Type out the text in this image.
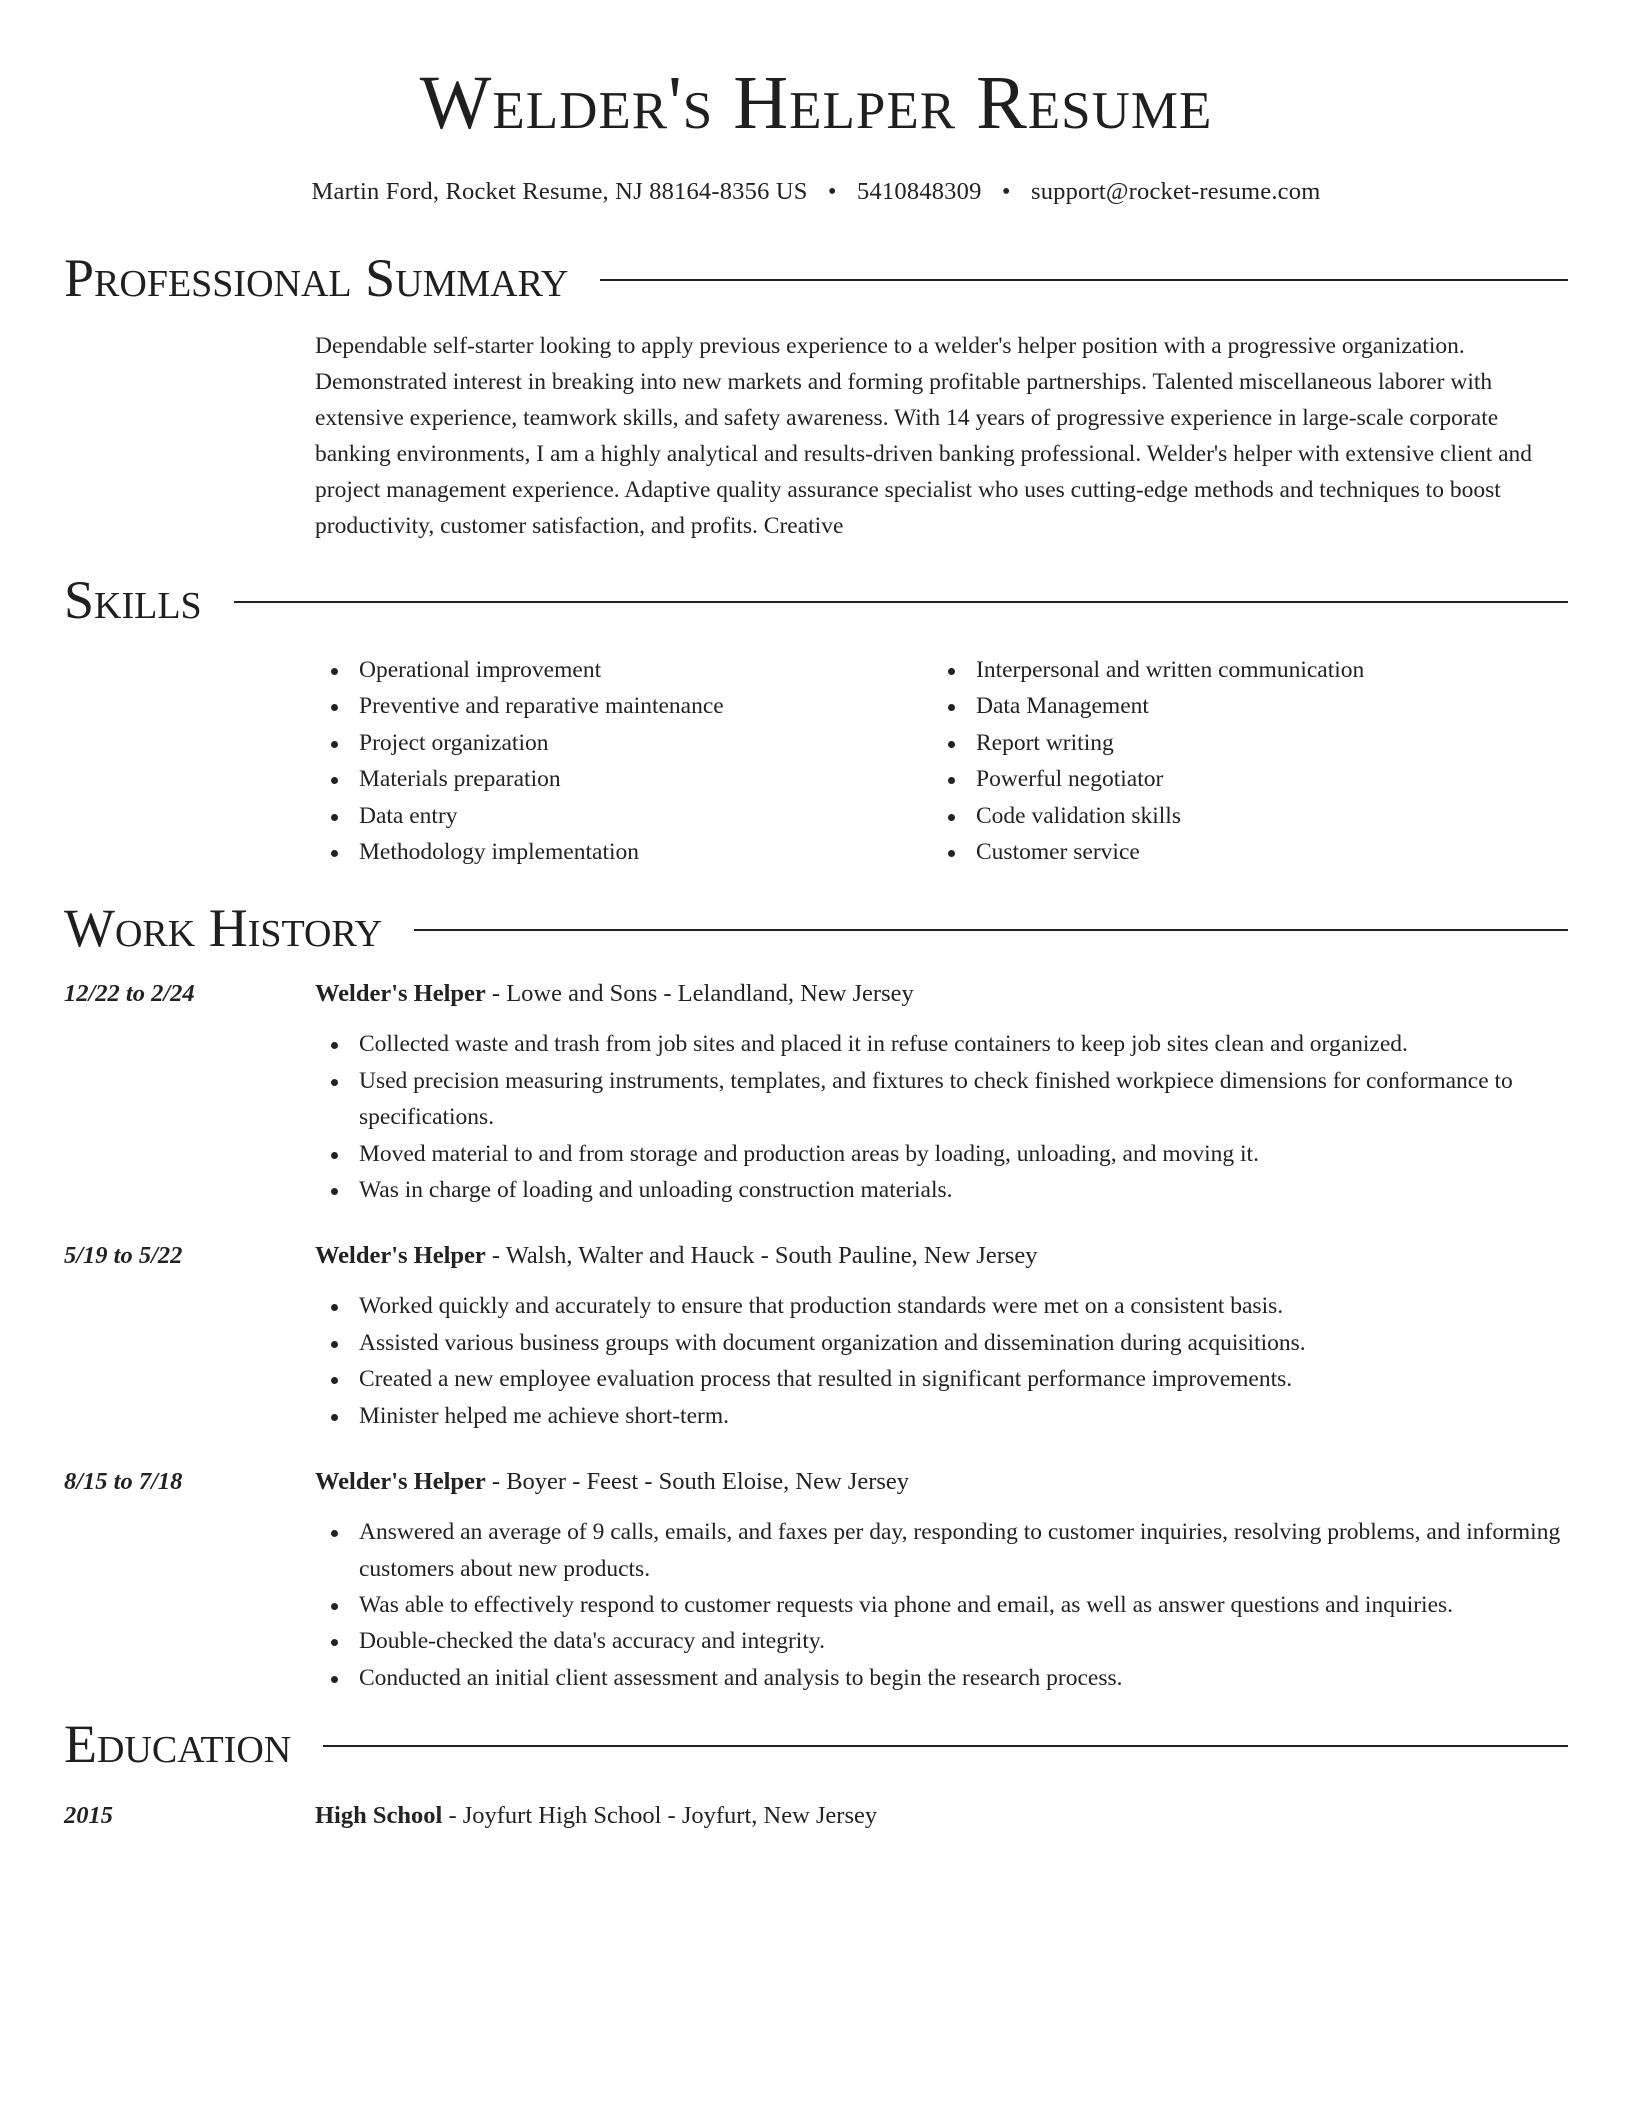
Welder's Helper Resume
Martin Ford, Rocket Resume, NJ 88164-8356 US • 5410848309 • support@rocket-resume.com
Professional Summary
Dependable self-starter looking to apply previous experience to a welder's helper position with a progressive organization. Demonstrated interest in breaking into new markets and forming profitable partnerships. Talented miscellaneous laborer with extensive experience, teamwork skills, and safety awareness. With 14 years of progressive experience in large-scale corporate banking environments, I am a highly analytical and results-driven banking professional. Welder's helper with extensive client and project management experience. Adaptive quality assurance specialist who uses cutting-edge methods and techniques to boost productivity, customer satisfaction, and profits. Creative
Skills
Operational improvement
Preventive and reparative maintenance
Project organization
Materials preparation
Data entry
Methodology implementation
Interpersonal and written communication
Data Management
Report writing
Powerful negotiator
Code validation skills
Customer service
Work History
12/22 to 2/24	Welder's Helper - Lowe and Sons - Lelandland, New Jersey
Collected waste and trash from job sites and placed it in refuse containers to keep job sites clean and organized.
Used precision measuring instruments, templates, and fixtures to check finished workpiece dimensions for conformance to specifications.
Moved material to and from storage and production areas by loading, unloading, and moving it.
Was in charge of loading and unloading construction materials.
5/19 to 5/22	Welder's Helper - Walsh, Walter and Hauck - South Pauline, New Jersey
Worked quickly and accurately to ensure that production standards were met on a consistent basis.
Assisted various business groups with document organization and dissemination during acquisitions.
Created a new employee evaluation process that resulted in significant performance improvements.
Minister helped me achieve short-term.
8/15 to 7/18	Welder's Helper - Boyer - Feest - South Eloise, New Jersey
Answered an average of 9 calls, emails, and faxes per day, responding to customer inquiries, resolving problems, and informing customers about new products.
Was able to effectively respond to customer requests via phone and email, as well as answer questions and inquiries.
Double-checked the data's accuracy and integrity.
Conducted an initial client assessment and analysis to begin the research process.
Education
2015	High School - Joyfurt High School - Joyfurt, New Jersey
